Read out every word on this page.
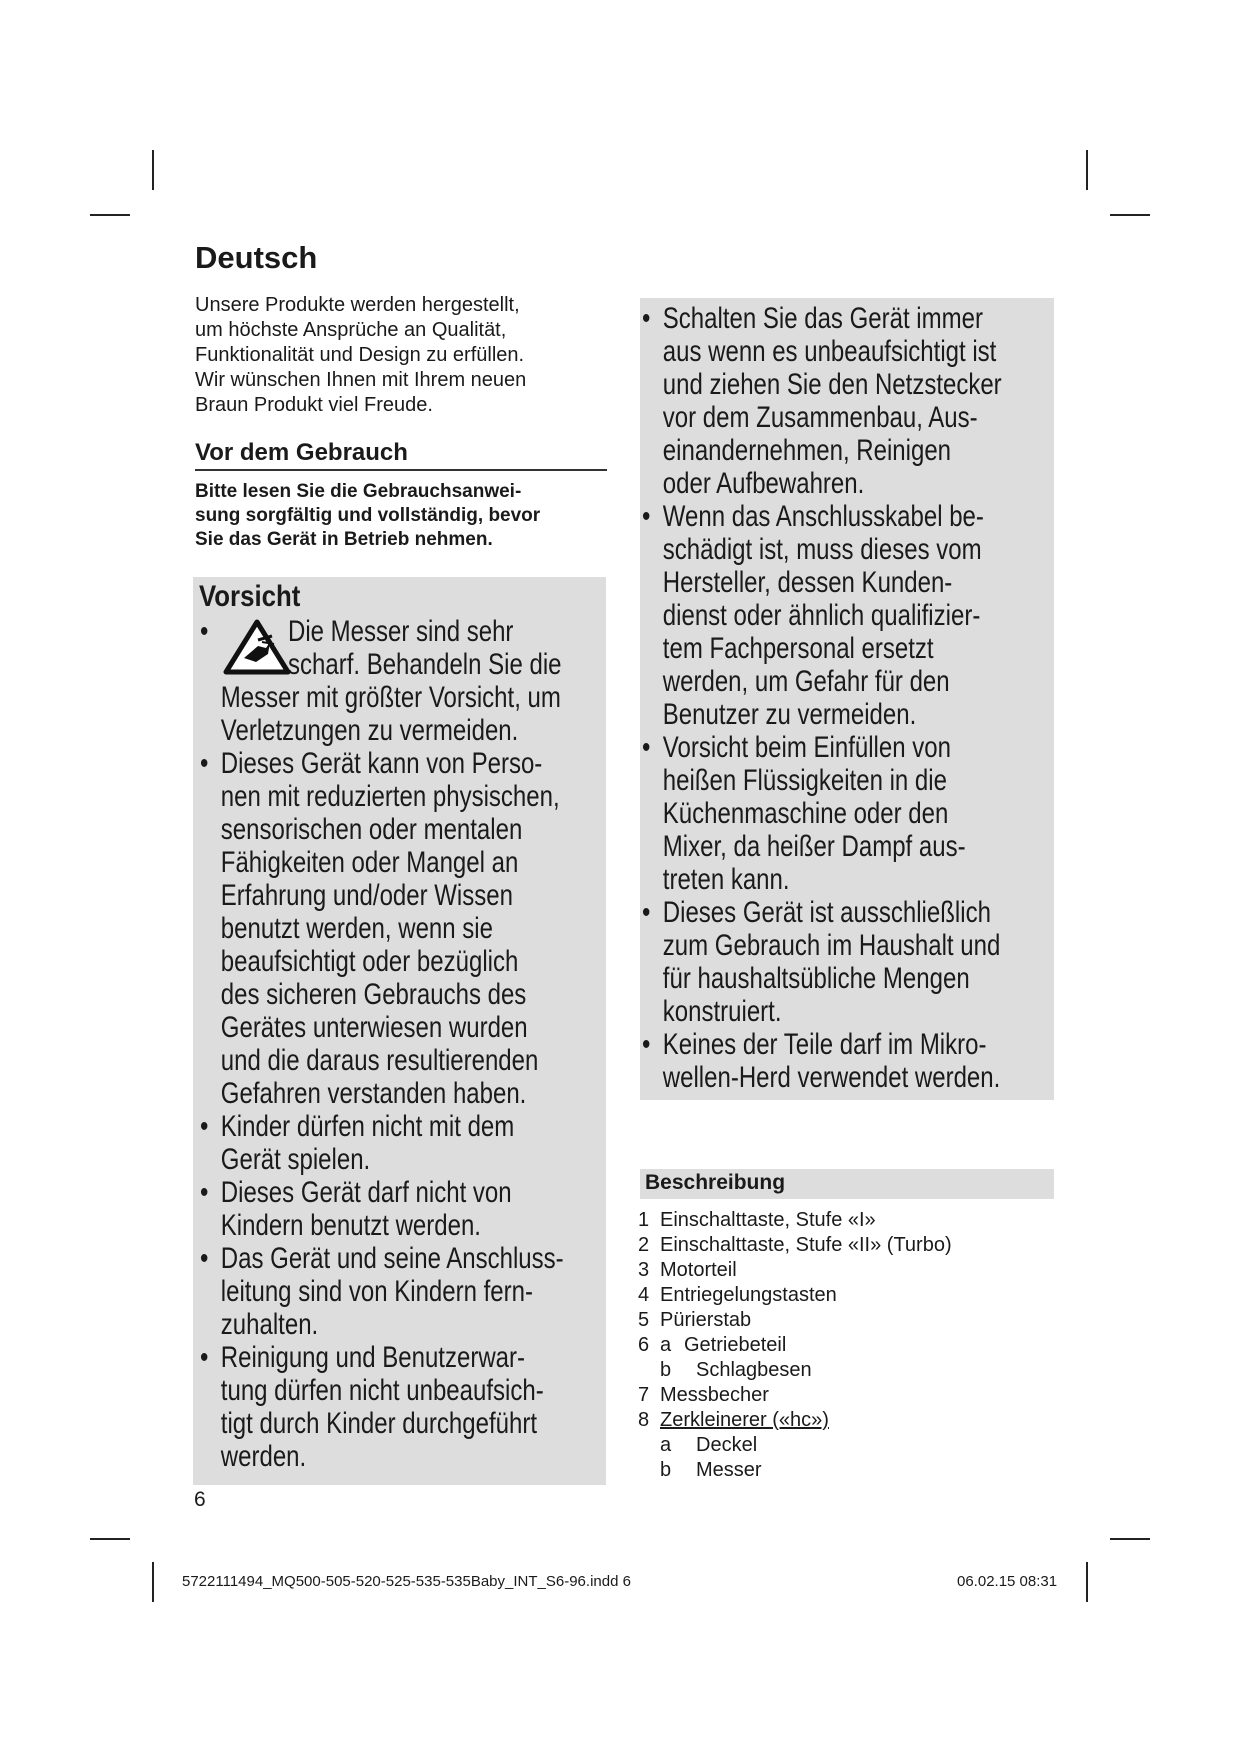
Deutsch
Unsere Produkte werden hergestellt,
um höchste Ansprüche an Qualität,
Funktionalität und Design zu erfüllen.
Wir wünschen Ihnen mit Ihrem neuen
Braun Produkt viel Freude.
Vor dem Gebrauch
Bitte lesen Sie die Gebrauchsanwei-
sung sorgfältig und vollständig, bevor
Sie das Gerät in Betrieb nehmen.
Vorsicht
•	Die Messer sind sehr
scharf. Behandeln Sie die
Messer mit größter Vorsicht, um
Verletzungen zu vermeiden.
• Dieses Gerät kann von Perso-
nen mit reduzierten physischen,
sensorischen oder mentalen
Fähigkeiten oder Mangel an
Erfahrung und/oder Wissen
benutzt werden, wenn sie
beaufsichtigt oder bezüglich
des sicheren Gebrauchs des
Gerätes unterwiesen wurden
und die daraus resultierenden
Gefahren verstanden haben.
• Kinder dürfen nicht mit dem
Gerät spielen.
• Dieses Gerät darf nicht von
Kindern benutzt werden.
• Das Gerät und seine Anschluss-
leitung sind von Kindern fern-
zuhalten.
• Reinigung und Benutzerwar-
tung dürfen nicht unbeaufsich-
tigt durch Kinder durchgeführt
werden.
• Schalten Sie das Gerät immer
aus wenn es unbeaufsichtigt ist
und ziehen Sie den Netzstecker
vor dem Zusammenbau, Aus-
einandernehmen, Reinigen
oder Aufbewahren.
• Wenn das Anschlusskabel be-
schädigt ist, muss dieses vom
Hersteller, dessen Kunden-
dienst oder ähnlich qualifizier-
tem Fachpersonal ersetzt
werden, um Gefahr für den
Benutzer zu vermeiden.
• Vorsicht beim Einfüllen von
heißen Flüssigkeiten in die
Küchenmaschine oder den
Mixer, da heißer Dampf aus-
treten kann.
• Dieses Gerät ist ausschließlich
zum Gebrauch im Haushalt und
für haushaltsübliche Mengen
konstruiert.
• Keines der Teile darf im Mikro-
wellen-Herd verwendet werden.
Beschreibung
1 Einschalttaste, Stufe «I»
2 Einschalttaste, Stufe «II» (Turbo)
3 Motorteil
4 Entriegelungstasten
5 Pürierstab
6 a Getriebeteil
b Schlagbesen
7 Messbecher
8 Zerkleinerer («hc»)
a Deckel
b Messer
6
5722111494_MQ500-505-520-525-535-535Baby_INT_S6-96.indd 6	06.02.15 08:31
